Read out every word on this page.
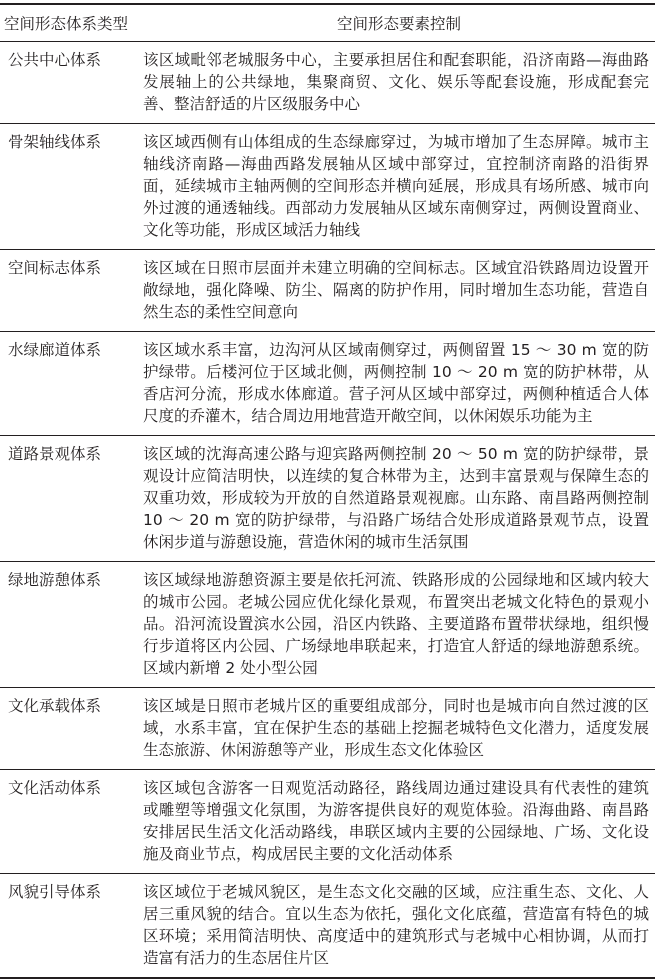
空间形态体系类型	空间形态要素控制
公共中心体系	该区域毗邻老城服务中心，主要承担居住和配套职能，沿济南路—海曲路发展轴上的公共绿地，集聚商贸、文化、娱乐等配套设施，形成配套完善、整洁舒适的片区级服务中心
骨架轴线体系	该区域西侧有山体组成的生态绿廊穿过，为城市增加了生态屏障。城市主轴线济南路—海曲西路发展轴从区域中部穿过，宜控制济南路的沿街界面，延续城市主轴两侧的空间形态并横向延展，形成具有场所感、城市向外过渡的通透轴线。西部动力发展轴从区域东南侧穿过，两侧设置商业、文化等功能，形成区域活力轴线
空间标志体系	该区域在日照市层面并未建立明确的空间标志。区域宜沿铁路周边设置开敞绿地，强化降噪、防尘、隔离的防护作用，同时增加生态功能，营造自然生态的柔性空间意向
水绿廊道体系	该区域水系丰富，边沟河从区域南侧穿过，两侧留置 15 ～ 30 m 宽的防护绿带。后楼河位于区域北侧，两侧控制 10 ～ 20 m 宽的防护林带，从香店河分流，形成水体廊道。营子河从区域中部穿过，两侧种植适合人体尺度的乔灌木，结合周边用地营造开敞空间，以休闲娱乐功能为主
道路景观体系	该区域的沈海高速公路与迎宾路两侧控制 20 ～ 50 m 宽的防护绿带，景观设计应简洁明快，以连续的复合林带为主，达到丰富景观与保障生态的双重功效，形成较为开放的自然道路景观视廊。山东路、南昌路两侧控制 10 ～ 20 m 宽的防护绿带，与沿路广场结合处形成道路景观节点，设置休闲步道与游憩设施，营造休闲的城市生活氛围
绿地游憩体系	该区域绿地游憩资源主要是依托河流、铁路形成的公园绿地和区域内较大的城市公园。老城公园应优化绿化景观，布置突出老城文化特色的景观小品。沿河流设置滨水公园，沿区内铁路、主要道路布置带状绿地，组织慢行步道将区内公园、广场绿地串联起来，打造宜人舒适的绿地游憩系统。区域内新增 2 处小型公园
文化承载体系	该区域是日照市老城片区的重要组成部分，同时也是城市向自然过渡的区域，水系丰富，宜在保护生态的基础上挖掘老城特色文化潜力，适度发展生态旅游、休闲游憩等产业，形成生态文化体验区
文化活动体系	该区域包含游客一日观览活动路径，路线周边通过建设具有代表性的建筑或雕塑等增强文化氛围，为游客提供良好的观览体验。沿海曲路、南昌路安排居民生活文化活动路线，串联区域内主要的公园绿地、广场、文化设施及商业节点，构成居民主要的文化活动体系
风貌引导体系	该区域位于老城风貌区，是生态文化交融的区域，应注重生态、文化、人居三重风貌的结合。宜以生态为依托，强化文化底蕴，营造富有特色的城区环境；采用简洁明快、高度适中的建筑形式与老城中心相协调，从而打造富有活力的生态居住片区
